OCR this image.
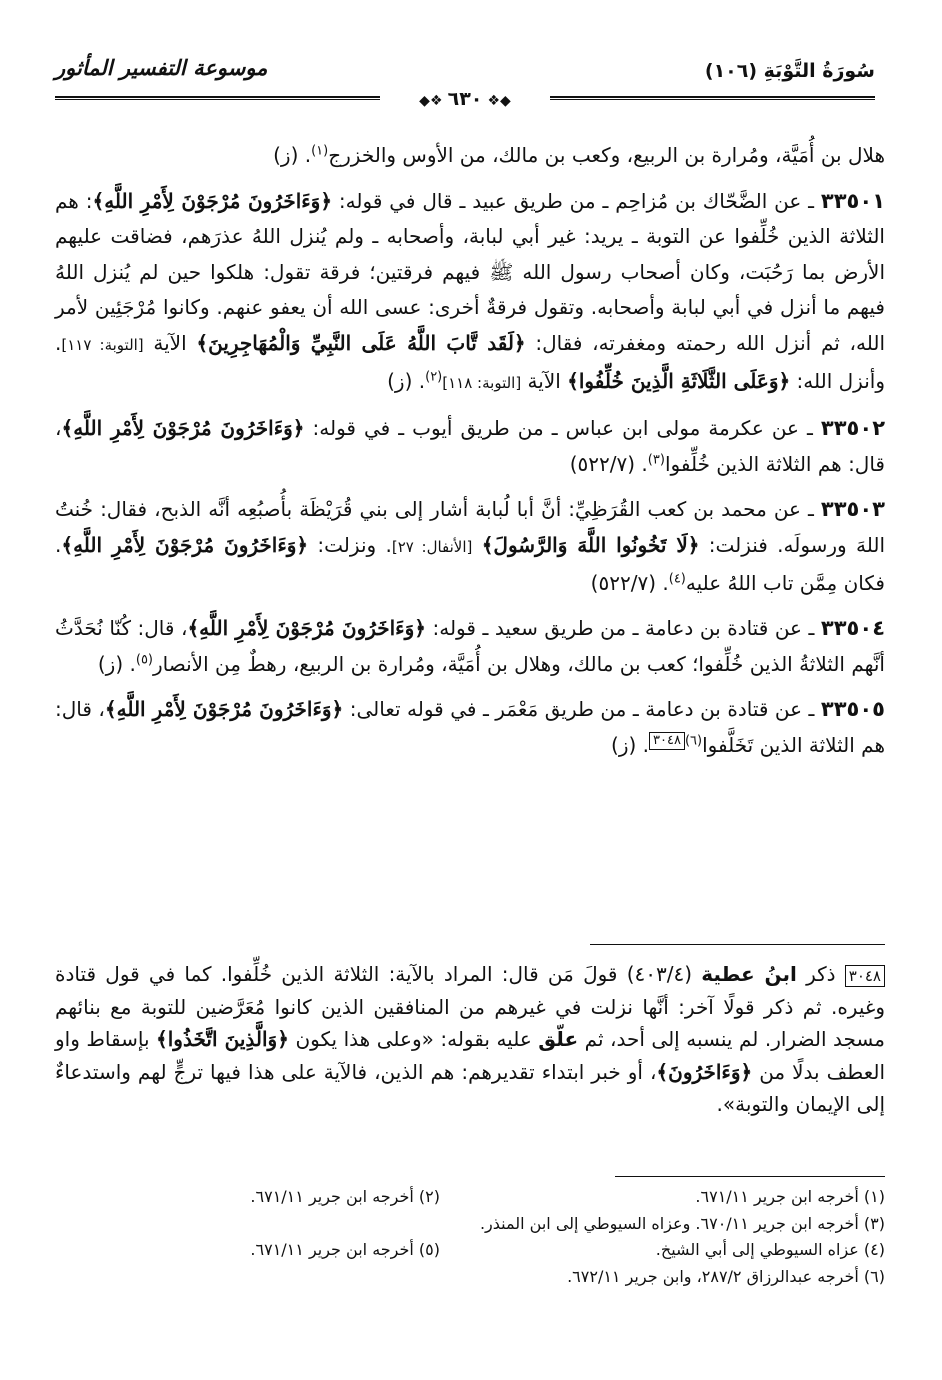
سُورَةُ التَّوْبَةِ (١٠٦)
موسوعة التفسير المأثور
◆❖ ٦٣٠ ❖◆

هلال بن أُمَيَّة، ومُرارة بن الربيع، وكعب بن مالك، من الأوس والخزرج$^{(١)}$. (ز)

٣٣٥٠١ ـ عن الضَّحّاك بن مُزاحِم ـ من طريق عبيد ـ قال في قوله: ﴿وَءَاخَرُونَ مُرْجَوْنَ لِأَمْرِ اللَّهِ﴾: هم الثلاثة الذين خُلِّفوا عن التوبة ـ يريد: غير أبي لبابة، وأصحابه ـ ولم يُنزل اللهُ عذرَهم، فضاقت عليهم الأرض بما رَحُبَت، وكان أصحاب رسول الله ﷺ فيهم فرقتين؛ فرقة تقول: هلكوا حين لم يُنزل اللهُ فيهم ما أنزل في أبي لبابة وأصحابه. وتقول فرقةٌ أخرى: عسى الله أن يعفو عنهم. وكانوا مُرْجَئِين لأمر الله، ثم أنزل الله رحمته ومغفرته، فقال: ﴿لَقَد تَّابَ اللَّهُ عَلَى النَّبِيِّ وَالْمُهَاجِرِينَ﴾ الآية [التوبة: ١١٧]. وأنزل الله: ﴿وَعَلَى الثَّلَاثَةِ الَّذِينَ خُلِّفُوا﴾ الآية [التوبة: ١١٨]$^{(٢)}$. (ز)

٣٣٥٠٢ ـ عن عكرمة مولى ابن عباس ـ من طريق أيوب ـ في قوله: ﴿وَءَاخَرُونَ مُرْجَوْنَ لِأَمْرِ اللَّهِ﴾، قال: هم الثلاثة الذين خُلِّفوا$^{(٣)}$. (٥٢٢/٧)

٣٣٥٠٣ ـ عن محمد بن كعب القُرَظِيِّ: أنَّ أبا لُبابة أشار إلى بني قُرَيْظَة بأُصبُعِه أنَّه الذبح، فقال: خُنتُ اللهَ ورسولَه. فنزلت: ﴿لَا تَخُونُوا اللَّهَ وَالرَّسُولَ﴾ [الأنفال: ٢٧]. ونزلت: ﴿وَءَاخَرُونَ مُرْجَوْنَ لِأَمْرِ اللَّهِ﴾. فكان مِمَّن تاب اللهُ عليه$^{(٤)}$. (٥٢٢/٧)

٣٣٥٠٤ ـ عن قتادة بن دعامة ـ من طريق سعيد ـ قوله: ﴿وَءَاخَرُونَ مُرْجَوْنَ لِأَمْرِ اللَّهِ﴾، قال: كُنّا نُحَدَّثُ أنَّهم الثلاثةُ الذين خُلِّفوا؛ كعب بن مالك، وهلال بن أُمَيَّة، ومُرارة بن الربيع، رهطٌ مِن الأنصار$^{(٥)}$. (ز)

٣٣٥٠٥ ـ عن قتادة بن دعامة ـ من طريق مَعْمَر ـ في قوله تعالى: ﴿وَءَاخَرُونَ مُرْجَوْنَ لِأَمْرِ اللَّهِ﴾، قال: هم الثلاثة الذين تَخَلَّفوا$^{(٦)}$٣٠٤٨. (ز)

٣٠٤٨ ذكر ابنُ عطية (٤٠٣/٤) قولَ مَن قال: المراد بالآية: الثلاثة الذين خُلِّفوا. كما في قول قتادة وغيره. ثم ذكر قولًا آخر: أنَّها نزلت في غيرهم من المنافقين الذين كانوا مُعَرَّضين للتوبة مع بنائهم مسجد الضرار. لم ينسبه إلى أحد، ثم علّق عليه بقوله: «وعلى هذا يكون ﴿وَالَّذِينَ اتَّخَذُوا﴾ بإسقاط واو العطف بدلًا من ﴿وَءَاخَرُونَ﴾، أو خبر ابتداء تقديرهم: هم الذين، فالآية على هذا فيها ترجٍّ لهم واستدعاءٌ إلى الإيمان والتوبة».
(١) أخرجه ابن جرير ٦٧١/١١.
(٢) أخرجه ابن جرير ٦٧١/١١.
(٣) أخرجه ابن جرير ٦٧٠/١١. وعزاه السيوطي إلى ابن المنذر.
(٤) عزاه السيوطي إلى أبي الشيخ.
(٥) أخرجه ابن جرير ٦٧١/١١.
(٦) أخرجه عبدالرزاق ٢٨٧/٢، وابن جرير ٦٧٢/١١.
